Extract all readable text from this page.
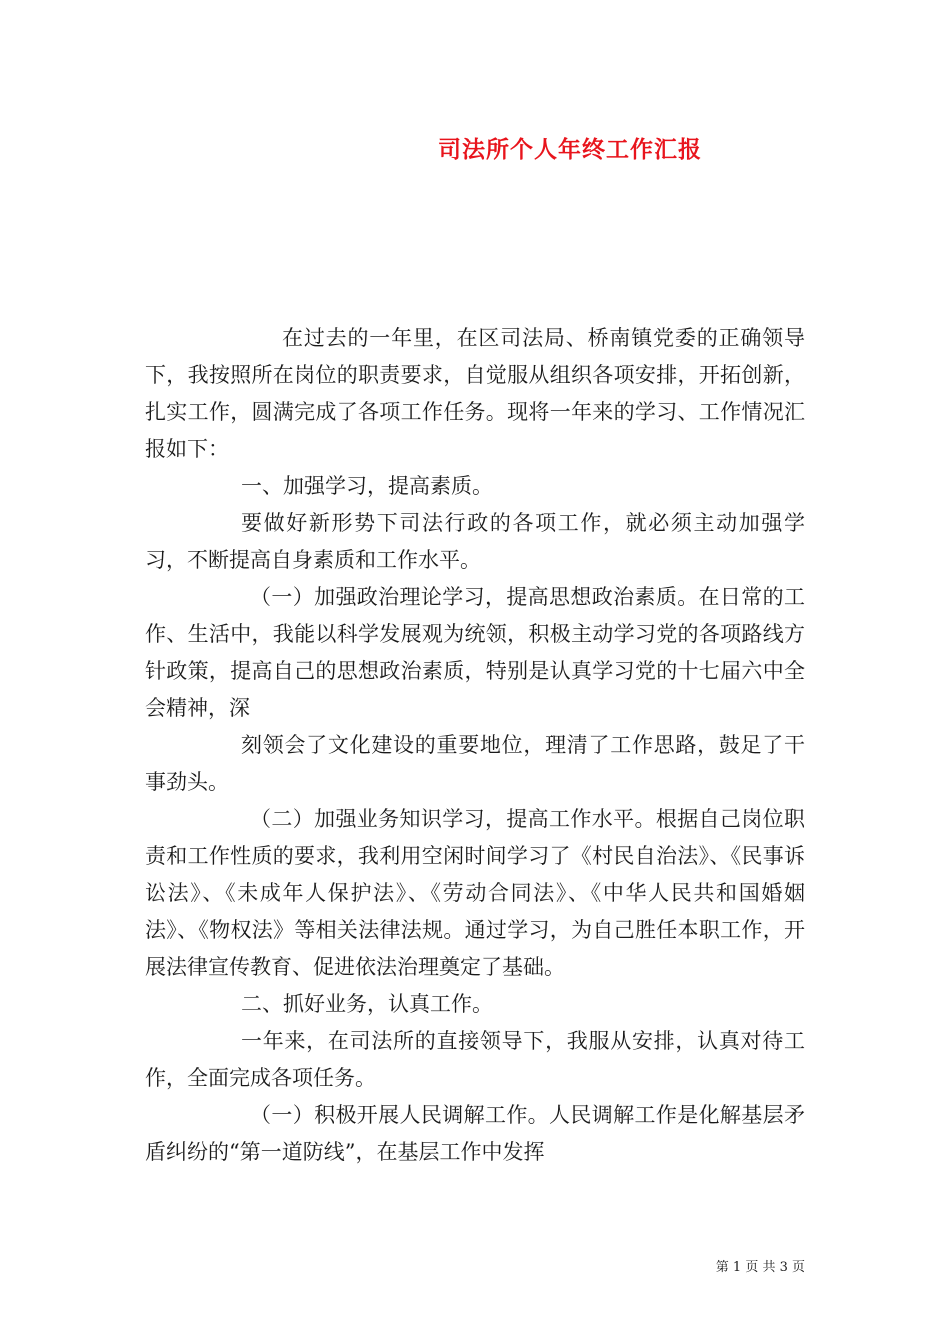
司法所个人年终工作汇报

在过去的一年里，在区司法局、桥南镇党委的正确领导下，我按照所在岗位的职责要求，自觉服从组织各项安排，开拓创新，扎实工作，圆满完成了各项工作任务。现将一年来的学习、工作情况汇报如下：

一、加强学习，提高素质。

要做好新形势下司法行政的各项工作，就必须主动加强学习，不断提高自身素质和工作水平。

（一）加强政治理论学习，提高思想政治素质。在日常的工作、生活中，我能以科学发展观为统领，积极主动学习党的各项路线方针政策，提高自己的思想政治素质，特别是认真学习党的十七届六中全会精神，深

刻领会了文化建设的重要地位，理清了工作思路，鼓足了干事劲头。

（二）加强业务知识学习，提高工作水平。根据自己岗位职责和工作性质的要求，我利用空闲时间学习了《村民自治法》、《民事诉讼法》、《未成年人保护法》、《劳动合同法》、《中华人民共和国婚姻法》、《物权法》等相关法律法规。通过学习，为自己胜任本职工作，开展法律宣传教育、促进依法治理奠定了基础。

二、抓好业务，认真工作。

一年来，在司法所的直接领导下，我服从安排，认真对待工作，全面完成各项任务。

（一）积极开展人民调解工作。人民调解工作是化解基层矛盾纠纷的“第一道防线”，在基层工作中发挥

第 1 页 共 3 页
